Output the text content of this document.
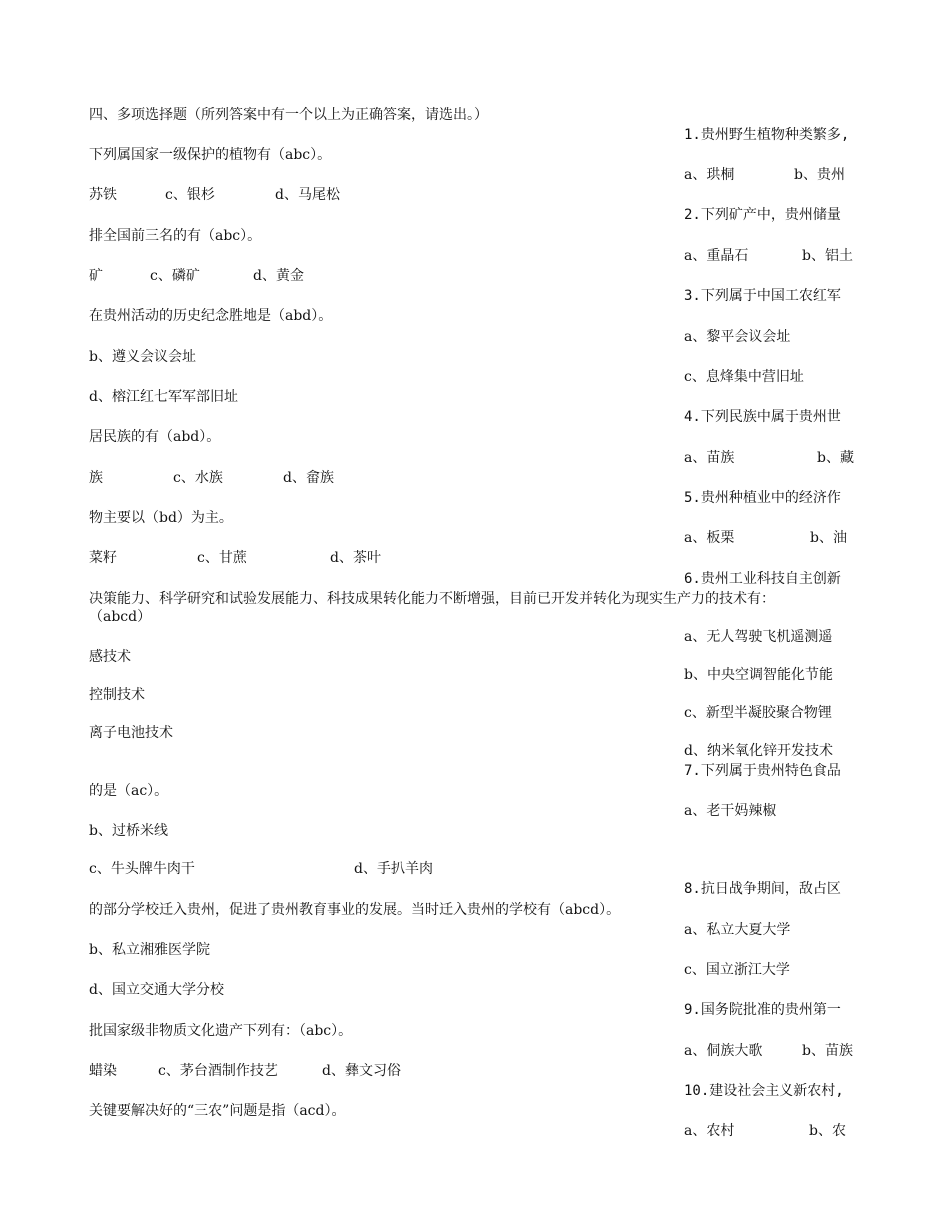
四、多项选择题（所列答案中有一个以上为正确答案，请选出。）
下列属国家一级保护的植物有（abc）。
苏铁	c、银杉	d、马尾松
排全国前三名的有（abc）。
矿	c、磷矿	d、黄金
在贵州活动的历史纪念胜地是（abd）。
b、遵义会议会址
d、榕江红七军军部旧址
居民族的有（abd）。
族	c、水族	d、畲族
物主要以（bd）为主。
菜籽	c、甘蔗	d、茶叶
决策能力、科学研究和试验发展能力、科技成果转化能力不断增强，目前已开发并转化为现实生产力的技术有：
（abcd）
感技术
控制技术
离子电池技术
的是（ac）。
b、过桥米线
c、牛头牌牛肉干	d、手扒羊肉
的部分学校迁入贵州，促进了贵州教育事业的发展。当时迁入贵州的学校有（abcd）。
b、私立湘雅医学院
d、国立交通大学分校
批国家级非物质文化遗产下列有：（abc）。
蜡染	c、茅台酒制作技艺	d、彝文习俗
关键要解决好的“三农”问题是指（acd）。
1.贵州野生植物种类繁多,
a、珙桐	b、贵州
2.下列矿产中，贵州储量
a、重晶石	b、铝土
3.下列属于中国工农红军
a、黎平会议会址
c、息烽集中营旧址
4.下列民族中属于贵州世
a、苗族	b、藏
5.贵州种植业中的经济作
a、板栗	b、油
6.贵州工业科技自主创新
a、无人驾驶飞机遥测遥
b、中央空调智能化节能
c、新型半凝胶聚合物锂
d、纳米氧化锌开发技术
7.下列属于贵州特色食品
a、老干妈辣椒
8.抗日战争期间，敌占区
a、私立大夏大学
c、国立浙江大学
9.国务院批准的贵州第一
a、侗族大歌	b、苗族
10.建设社会主义新农村,
a、农村	b、农
